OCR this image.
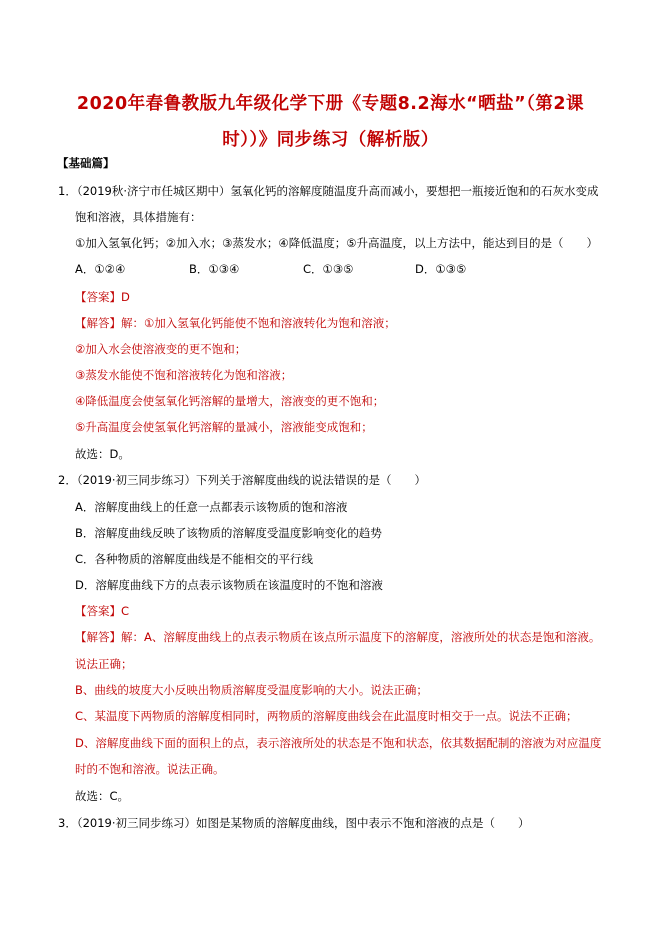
2020年春鲁教版九年级化学下册《专题8.2海水“晒盐”（第2课
时））》同步练习（解析版）
【基础篇】
1．（2019秋·济宁市任城区期中）氢氧化钙的溶解度随温度升高而减小，要想把一瓶接近饱和的石灰水变成
饱和溶液，具体措施有：
①加入氢氧化钙；②加入水；③蒸发水；④降低温度；⑤升高温度，以上方法中，能达到目的是（　　）
A．①②④	B．①③④	C．①③⑤	D．①③⑤
【答案】D
【解答】解：①加入氢氧化钙能使不饱和溶液转化为饱和溶液；
②加入水会使溶液变的更不饱和；
③蒸发水能使不饱和溶液转化为饱和溶液；
④降低温度会使氢氧化钙溶解的量增大，溶液变的更不饱和；
⑤升高温度会使氢氧化钙溶解的量减小，溶液能变成饱和；
故选：D。
2．（2019·初三同步练习）下列关于溶解度曲线的说法错误的是（　　）
A．溶解度曲线上的任意一点都表示该物质的饱和溶液
B．溶解度曲线反映了该物质的溶解度受温度影响变化的趋势
C．各种物质的溶解度曲线是不能相交的平行线
D．溶解度曲线下方的点表示该物质在该温度时的不饱和溶液
【答案】C
【解答】解：A、溶解度曲线上的点表示物质在该点所示温度下的溶解度，溶液所处的状态是饱和溶液。
说法正确；
B、曲线的坡度大小反映出物质溶解度受温度影响的大小。说法正确；
C、某温度下两物质的溶解度相同时，两物质的溶解度曲线会在此温度时相交于一点。说法不正确；
D、溶解度曲线下面的面积上的点，表示溶液所处的状态是不饱和状态，依其数据配制的溶液为对应温度
时的不饱和溶液。说法正确。
故选：C。
3．（2019·初三同步练习）如图是某物质的溶解度曲线，图中表示不饱和溶液的点是（　　）
